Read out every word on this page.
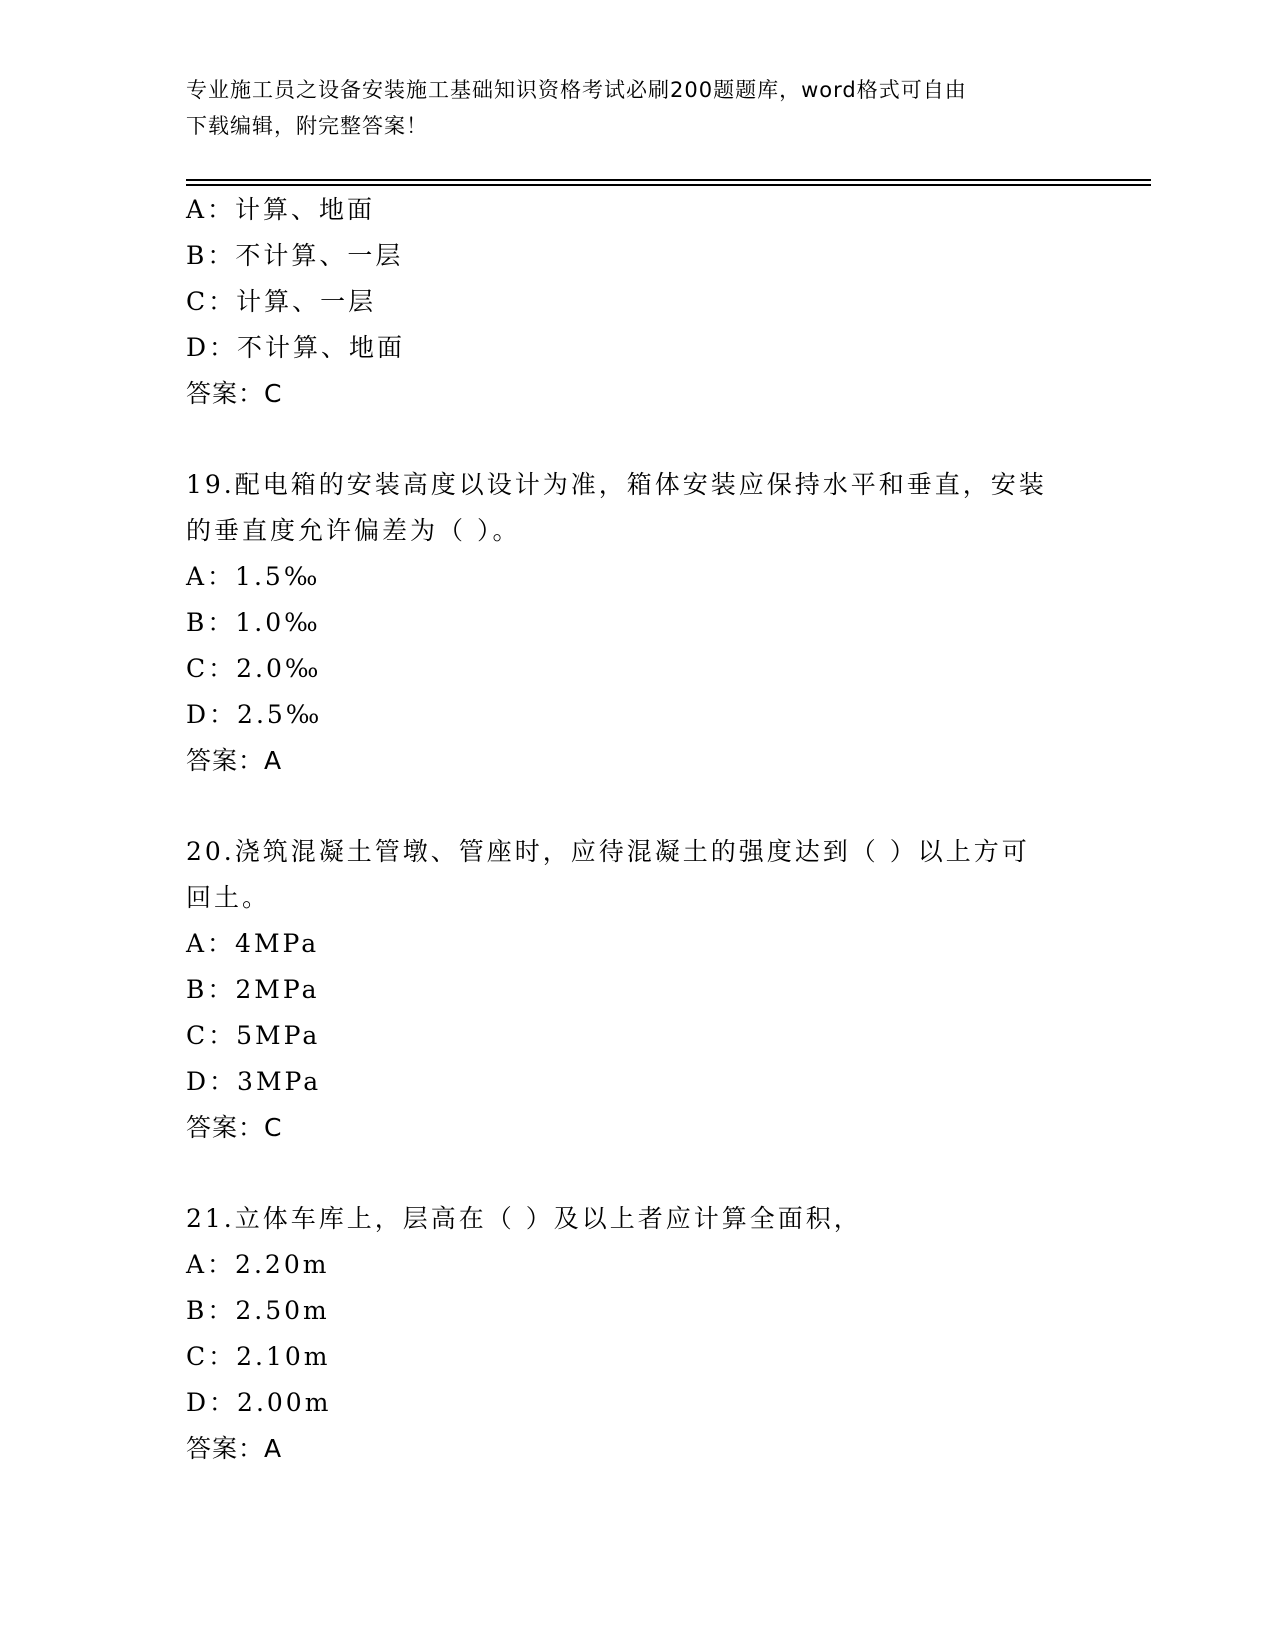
专业施工员之设备安装施工基础知识资格考试必刷200题题库，word格式可自由
下载编辑，附完整答案！
A：计算、地面
B：不计算、一层
C：计算、一层
D：不计算、地面
答案：C
19.配电箱的安装高度以设计为准，箱体安装应保持水平和垂直，安装
的垂直度允许偏差为（ ）。
A：1.5‰
B：1.0‰
C：2.0‰
D：2.5‰
答案：A
20.浇筑混凝土管墩、管座时，应待混凝土的强度达到（ ）以上方可
回土。
A：4MPa
B：2MPa
C：5MPa
D：3MPa
答案：C
21.立体车库上，层高在（ ）及以上者应计算全面积，
A：2.20m
B：2.50m
C：2.10m
D：2.00m
答案：A
